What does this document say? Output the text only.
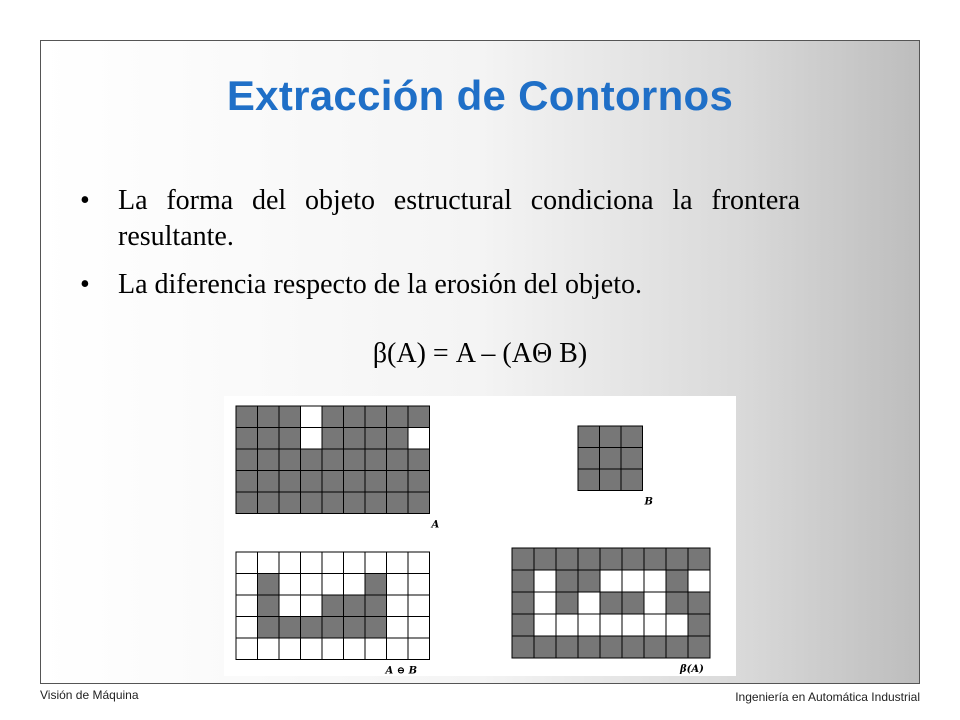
Extracción de Contornos
•	La forma del objeto estructural condiciona la frontera resultante.
•	La diferencia respecto de la erosión del objeto.
β(A) = A – (AΘ B)
A
B
A ⊖ B	β(A)
Visión de Máquina	Ingeniería en Automática Industrial
